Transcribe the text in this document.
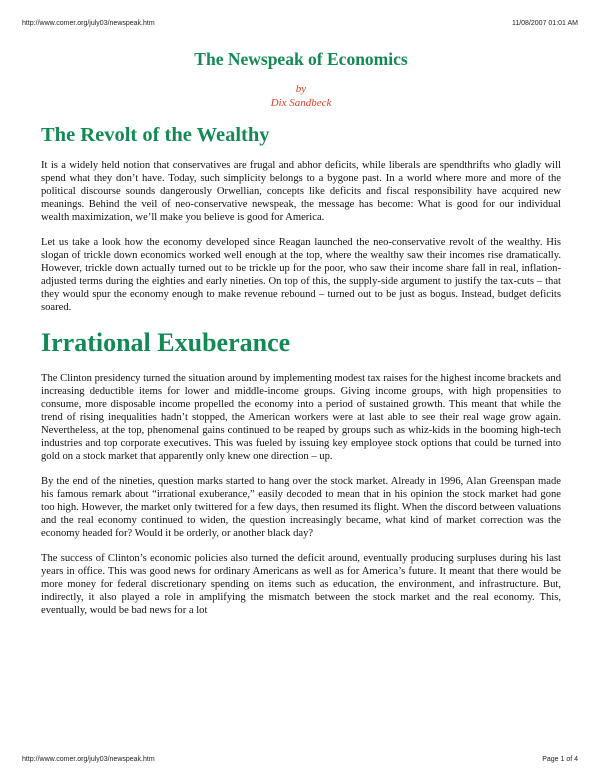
http://www.comer.org/july03/newspeak.htm	11/08/2007 01:01 AM
The Newspeak of Economics
by
Dix Sandbeck
The Revolt of the Wealthy

It is a widely held notion that conservatives are frugal and abhor deficits, while liberals are spendthrifts who gladly will spend what they don’t have. Today, such simplicity belongs to a bygone past. In a world where more and more of the political discourse sounds dangerously Orwellian, concepts like deficits and fiscal responsibility have acquired new meanings. Behind the veil of neo-conservative newspeak, the message has become: What is good for our individual wealth maximization, we’ll make you believe is good for America.

Let us take a look how the economy developed since Reagan launched the neo-conservative revolt of the wealthy. His slogan of trickle down economics worked well enough at the top, where the wealthy saw their incomes rise dramatically. However, trickle down actually turned out to be trickle up for the poor, who saw their income share fall in real, inflation-adjusted terms during the eighties and early nineties. On top of this, the supply-side argument to justify the tax-cuts – that they would spur the economy enough to make revenue rebound – turned out to be just as bogus. Instead, budget deficits soared.

Irrational Exuberance

The Clinton presidency turned the situation around by implementing modest tax raises for the highest income brackets and increasing deductible items for lower and middle-income groups. Giving income groups, with high propensities to consume, more disposable income propelled the economy into a period of sustained growth. This meant that while the trend of rising inequalities hadn’t stopped, the American workers were at last able to see their real wage grow again. Nevertheless, at the top, phenomenal gains continued to be reaped by groups such as whiz-kids in the booming high-tech industries and top corporate executives. This was fueled by issuing key employee stock options that could be turned into gold on a stock market that apparently only knew one direction – up.

By the end of the nineties, question marks started to hang over the stock market. Already in 1996, Alan Greenspan made his famous remark about “irrational exuberance,” easily decoded to mean that in his opinion the stock market had gone too high. However, the market only twittered for a few days, then resumed its flight. When the discord between valuations and the real economy continued to widen, the question increasingly became, what kind of market correction was the economy headed for? Would it be orderly, or another black day?

The success of Clinton’s economic policies also turned the deficit around, eventually producing surpluses during his last years in office. This was good news for ordinary Americans as well as for America’s future. It meant that there would be more money for federal discretionary spending on items such as education, the environment, and infrastructure. But, indirectly, it also played a role in amplifying the mismatch between the stock market and the real economy. This, eventually, would be bad news for a lot

http://www.comer.org/july03/newspeak.htm	Page 1 of 4
